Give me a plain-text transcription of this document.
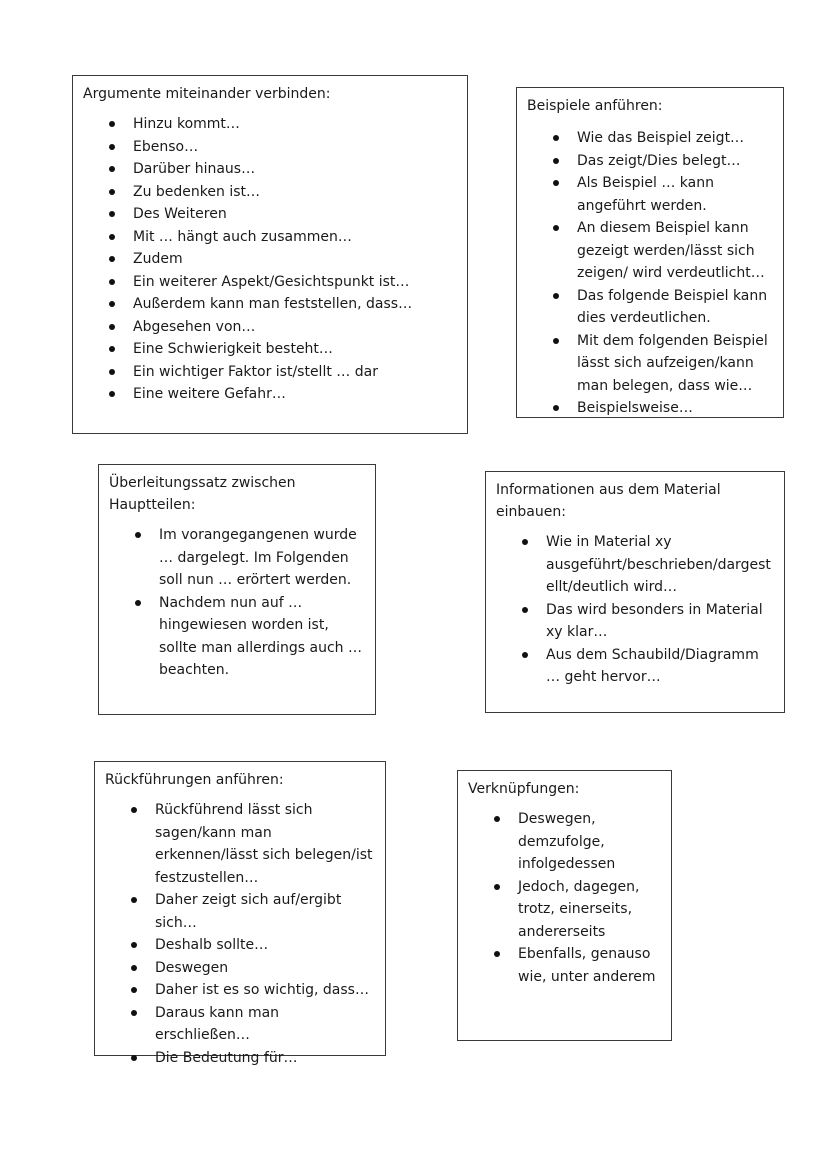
Argumente miteinander verbinden:
Hinzu kommt…
Ebenso…
Darüber hinaus…
Zu bedenken ist…
Des Weiteren
Mit … hängt auch zusammen…
Zudem
Ein weiterer Aspekt/Gesichtspunkt ist…
Außerdem kann man feststellen, dass…
Abgesehen von…
Eine Schwierigkeit besteht…
Ein wichtiger Faktor ist/stellt … dar
Eine weitere Gefahr…
Beispiele anführen:
Wie das Beispiel zeigt…
Das zeigt/Dies belegt…
Als Beispiel … kann angeführt werden.
An diesem Beispiel kann gezeigt werden/lässt sich zeigen/ wird verdeutlicht…
Das folgende Beispiel kann dies verdeutlichen.
Mit dem folgenden Beispiel lässt sich aufzeigen/kann man belegen, dass wie…
Beispielsweise…
Überleitungssatz zwischen Hauptteilen:
Im vorangegangenen wurde … dargelegt. Im Folgenden soll nun … erörtert werden.
Nachdem nun auf … hingewiesen worden ist, sollte man allerdings auch … beachten.
Informationen aus dem Material einbauen:
Wie in Material xy ausgeführt/beschrieben/dargest ellt/deutlich wird…
Das wird besonders in Material xy klar…
Aus dem Schaubild/Diagramm … geht hervor…
Rückführungen anführen:
Rückführend lässt sich sagen/kann man erkennen/lässt sich belegen/ist festzustellen…
Daher zeigt sich auf/ergibt sich…
Deshalb sollte…
Deswegen
Daher ist es so wichtig, dass…
Daraus kann man erschließen…
Die Bedeutung für…
Verknüpfungen:
Deswegen, demzufolge, infolgedessen
Jedoch, dagegen, trotz, einerseits, andererseits
Ebenfalls, genauso wie, unter anderem
